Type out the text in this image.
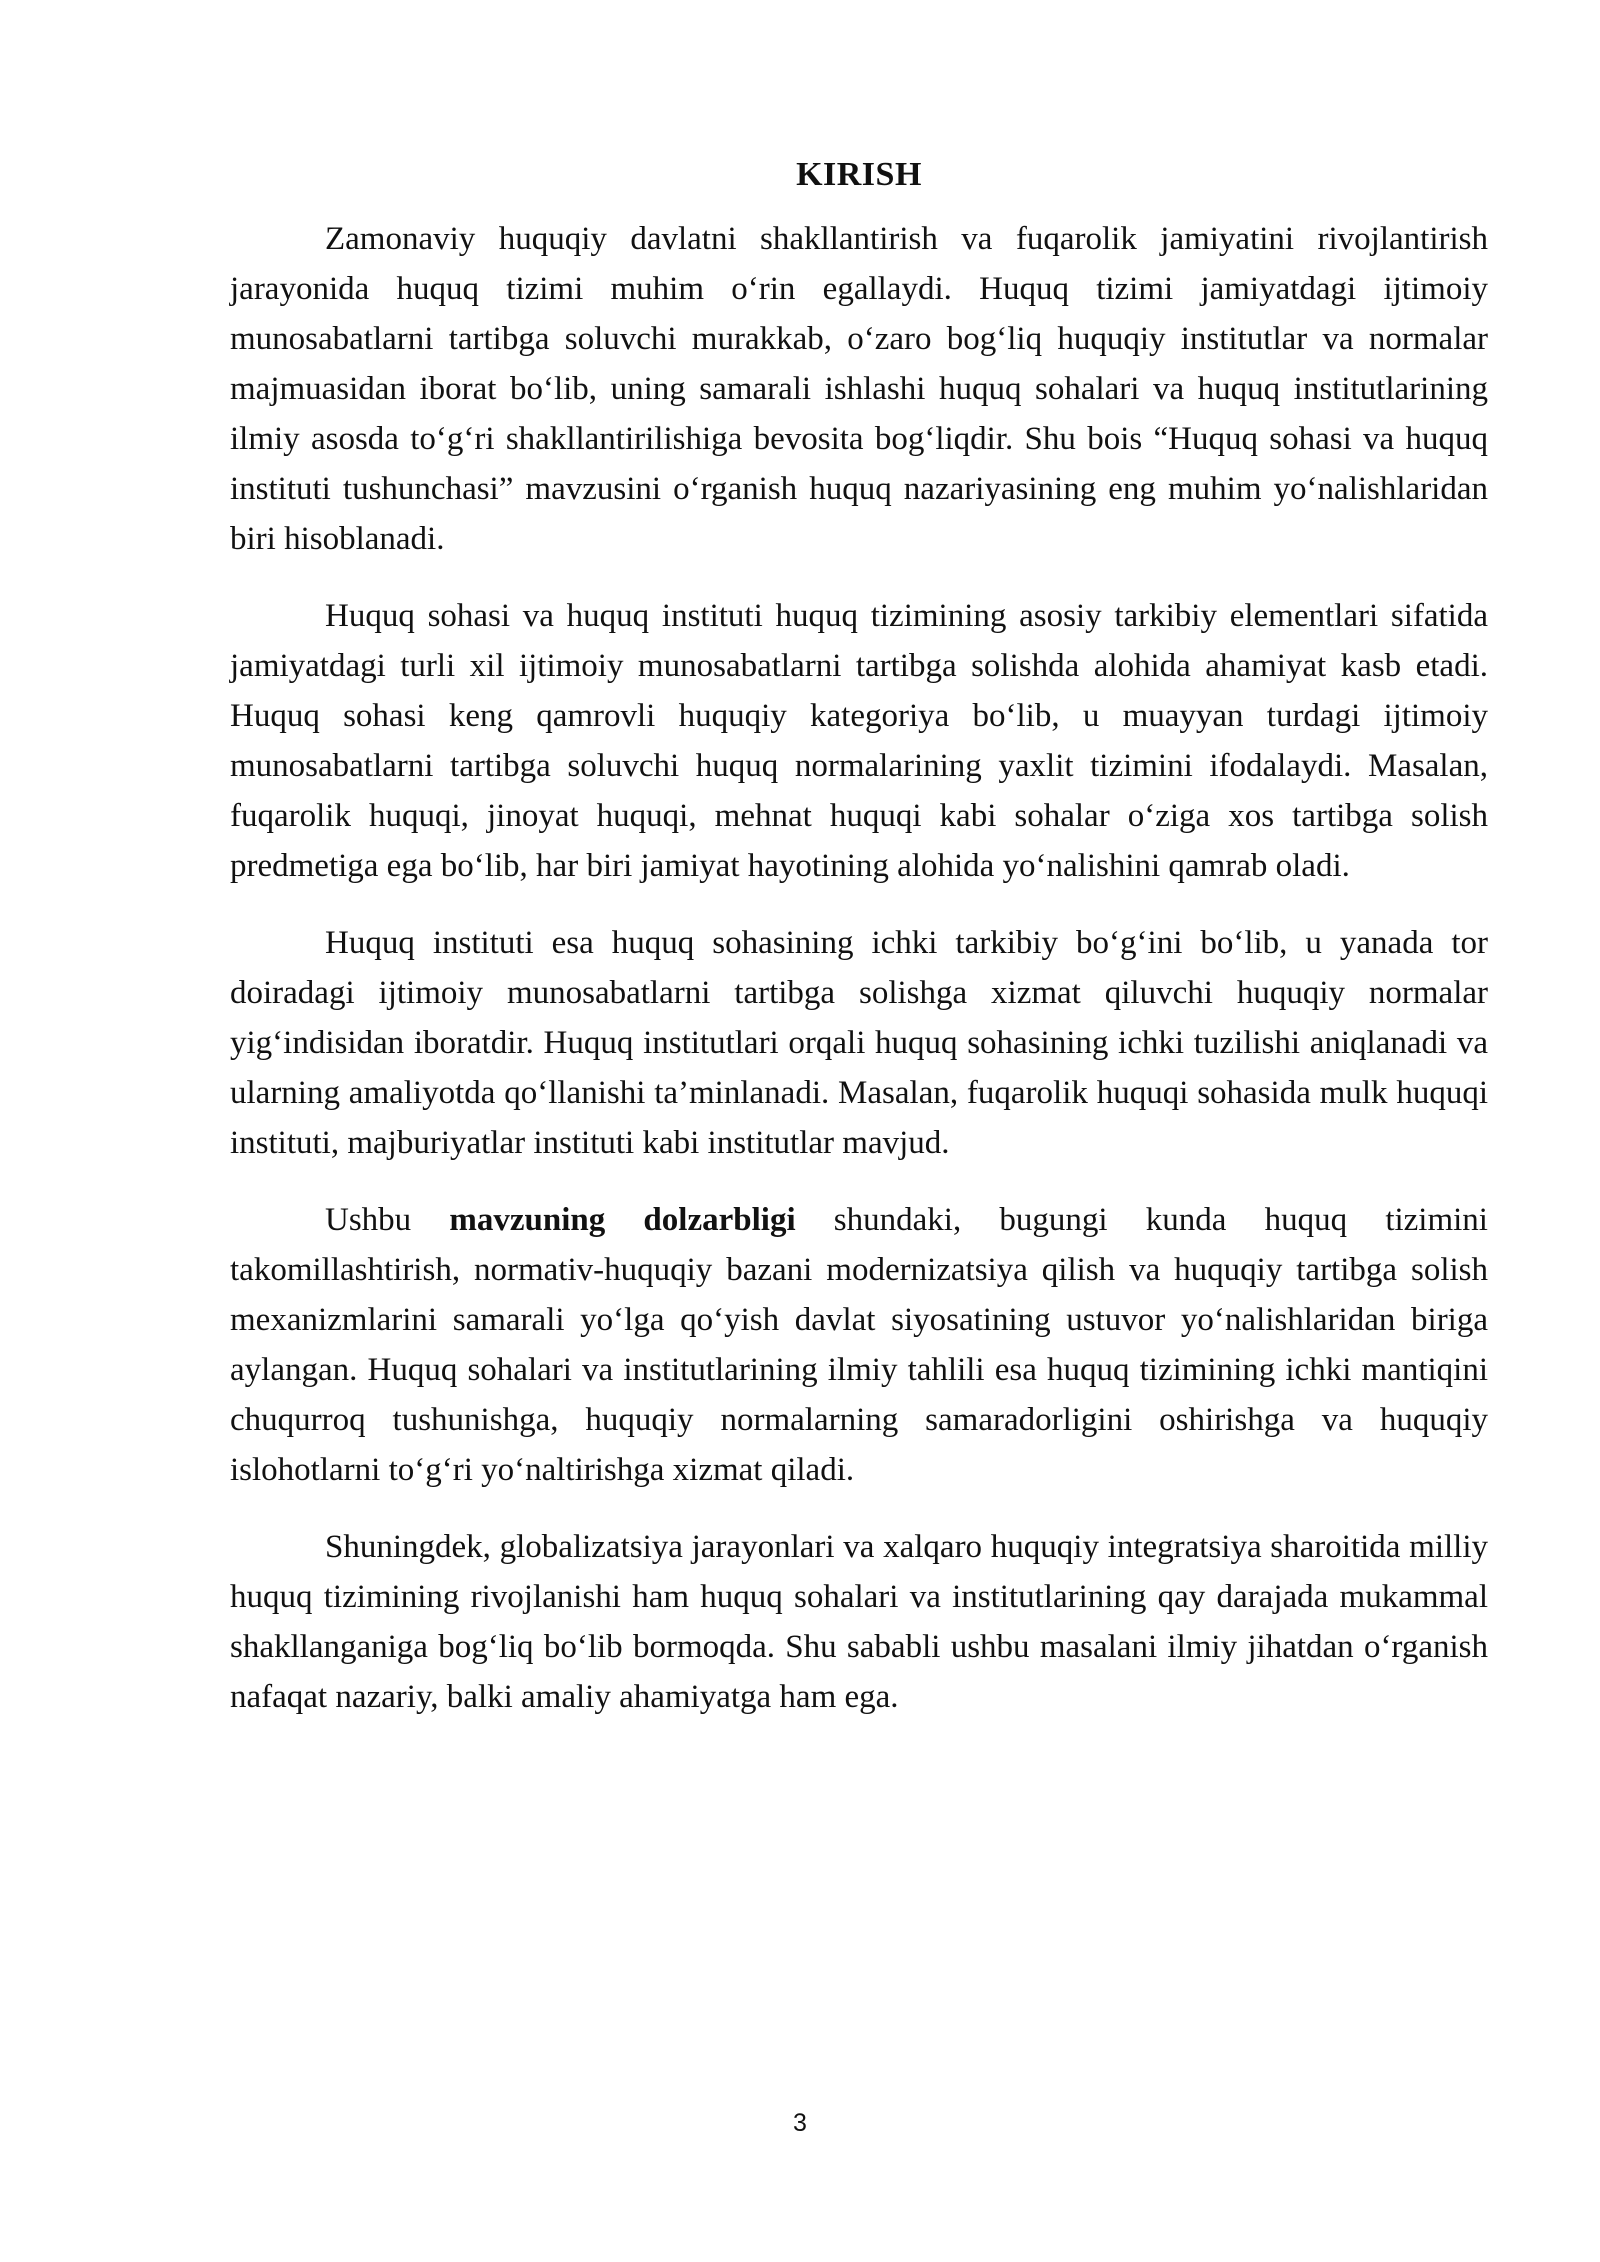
KIRISH

Zamonaviy huquqiy davlatni shakllantirish va fuqarolik jamiyatini rivojlantirish jarayonida huquq tizimi muhim o‘rin egallaydi. Huquq tizimi jamiyatdagi ijtimoiy munosabatlarni tartibga soluvchi murakkab, o‘zaro bog‘liq huquqiy institutlar va normalar majmuasidan iborat bo‘lib, uning samarali ishlashi huquq sohalari va huquq institutlarining ilmiy asosda to‘g‘ri shakllantirilishiga bevosita bog‘liqdir. Shu bois “Huquq sohasi va huquq instituti tushunchasi” mavzusini o‘rganish huquq nazariyasining eng muhim yo‘nalishlaridan biri hisoblanadi.

Huquq sohasi va huquq instituti huquq tizimining asosiy tarkibiy elementlari sifatida jamiyatdagi turli xil ijtimoiy munosabatlarni tartibga solishda alohida ahamiyat kasb etadi. Huquq sohasi keng qamrovli huquqiy kategoriya bo‘lib, u muayyan turdagi ijtimoiy munosabatlarni tartibga soluvchi huquq normalarining yaxlit tizimini ifodalaydi. Masalan, fuqarolik huquqi, jinoyat huquqi, mehnat huquqi kabi sohalar o‘ziga xos tartibga solish predmetiga ega bo‘lib, har biri jamiyat hayotining alohida yo‘nalishini qamrab oladi.

Huquq instituti esa huquq sohasining ichki tarkibiy bo‘g‘ini bo‘lib, u yanada tor doiradagi ijtimoiy munosabatlarni tartibga solishga xizmat qiluvchi huquqiy normalar yig‘indisidan iboratdir. Huquq institutlari orqali huquq sohasining ichki tuzilishi aniqlanadi va ularning amaliyotda qo‘llanishi ta’minlanadi. Masalan, fuqarolik huquqi sohasida mulk huquqi instituti, majburiyatlar instituti kabi institutlar mavjud.

Ushbu mavzuning dolzarbligi shundaki, bugungi kunda huquq tizimini takomillashtirish, normativ-huquqiy bazani modernizatsiya qilish va huquqiy tartibga solish mexanizmlarini samarali yo‘lga qo‘yish davlat siyosatining ustuvor yo‘nalishlaridan biriga aylangan. Huquq sohalari va institutlarining ilmiy tahlili esa huquq tizimining ichki mantiqini chuqurroq tushunishga, huquqiy normalarning samaradorligini oshirishga va huquqiy islohotlarni to‘g‘ri yo‘naltirishga xizmat qiladi.

Shuningdek, globalizatsiya jarayonlari va xalqaro huquqiy integratsiya sharoitida milliy huquq tizimining rivojlanishi ham huquq sohalari va institutlarining qay darajada mukammal shakllanganiga bog‘liq bo‘lib bormoqda. Shu sababli ushbu masalani ilmiy jihatdan o‘rganish nafaqat nazariy, balki amaliy ahamiyatga ham ega.

3
